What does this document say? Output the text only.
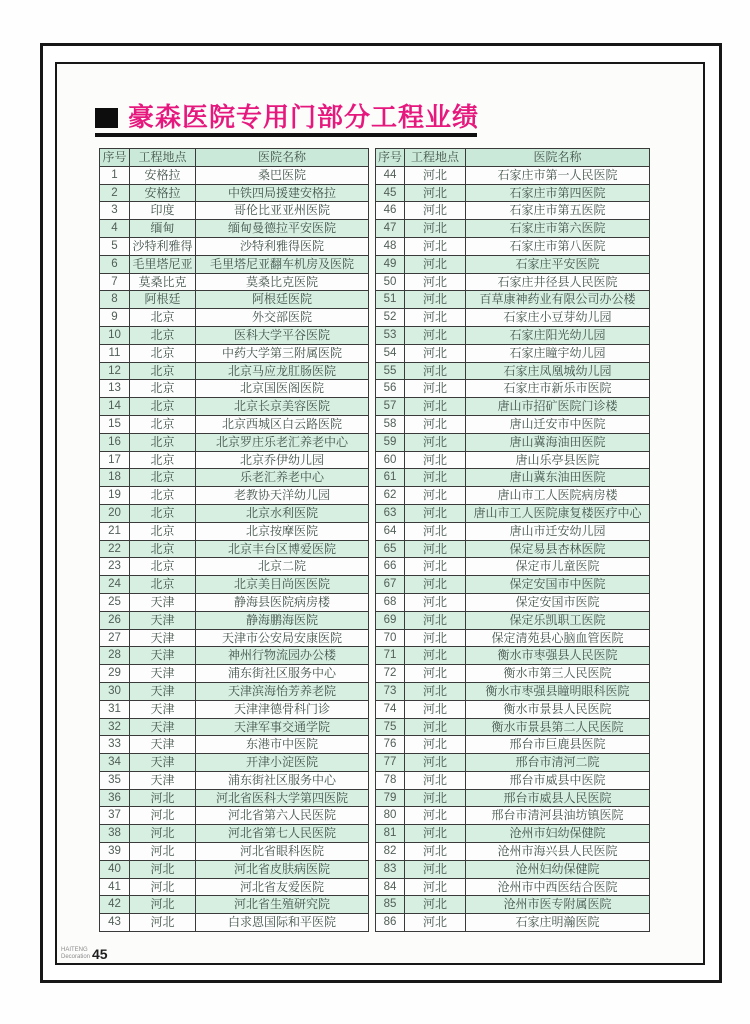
豪森医院专用门部分工程业绩
序号	工程地点	医院名称
1	安格拉	桑巴医院
2	安格拉	中铁四局援建安格拉
3	印度	哥伦比亚亚州医院
4	缅甸	缅甸曼德拉平安医院
5	沙特利雅得	沙特利雅得医院
6	毛里塔尼亚	毛里塔尼亚翻车机房及医院
7	莫桑比克	莫桑比克医院
8	阿根廷	阿根廷医院
9	北京	外交部医院
10	北京	医科大学平谷医院
11	北京	中药大学第三附属医院
12	北京	北京马应龙肛肠医院
13	北京	北京国医阁医院
14	北京	北京长京美容医院
15	北京	北京西城区白云路医院
16	北京	北京罗庄乐老汇养老中心
17	北京	北京乔伊幼儿园
18	北京	乐老汇养老中心
19	北京	老教协天洋幼儿园
20	北京	北京水利医院
21	北京	北京按摩医院
22	北京	北京丰台区博爱医院
23	北京	北京二院
24	北京	北京美目尚医医院
25	天津	静海县医院病房楼
26	天津	静海鹏海医院
27	天津	天津市公安局安康医院
28	天津	神州行物流园办公楼
29	天津	浦东街社区服务中心
30	天津	天津滨海怡芳养老院
31	天津	天津津德骨科门诊
32	天津	天津军事交通学院
33	天津	东港市中医院
34	天津	开津小淀医院
35	天津	浦东街社区服务中心
36	河北	河北省医科大学第四医院
37	河北	河北省第六人民医院
38	河北	河北省第七人民医院
39	河北	河北省眼科医院
40	河北	河北省皮肤病医院
41	河北	河北省友爱医院
42	河北	河北省生殖研究院
43	河北	白求恩国际和平医院
序号	工程地点	医院名称
44	河北	石家庄市第一人民医院
45	河北	石家庄市第四医院
46	河北	石家庄市第五医院
47	河北	石家庄市第六医院
48	河北	石家庄市第八医院
49	河北	石家庄平安医院
50	河北	石家庄井径县人民医院
51	河北	百草康神药业有限公司办公楼
52	河北	石家庄小豆芽幼儿园
53	河北	石家庄阳光幼儿园
54	河北	石家庄瞳宇幼儿园
55	河北	石家庄凤凰城幼儿园
56	河北	石家庄市新乐市医院
57	河北	唐山市招矿医院门诊楼
58	河北	唐山迁安市中医院
59	河北	唐山冀海油田医院
60	河北	唐山乐亭县医院
61	河北	唐山冀东油田医院
62	河北	唐山市工人医院病房楼
63	河北	唐山市工人医院康复楼医疗中心
64	河北	唐山市迁安幼儿园
65	河北	保定易县杏林医院
66	河北	保定市儿童医院
67	河北	保定安国市中医院
68	河北	保定安国市医院
69	河北	保定乐凯职工医院
70	河北	保定清苑县心脑血管医院
71	河北	衡水市枣强县人民医院
72	河北	衡水市第三人民医院
73	河北	衡水市枣强县瞳明眼科医院
74	河北	衡水市景县人民医院
75	河北	衡水市景县第二人民医院
76	河北	邢台市巨鹿县医院
77	河北	邢台市清河二院
78	河北	邢台市威县中医院
79	河北	邢台市威县人民医院
80	河北	邢台市清河县油坊镇医院
81	河北	沧州市妇幼保健院
82	河北	沧州市海兴县人民医院
83	河北	沧州妇幼保健院
84	河北	沧州市中西医结合医院
85	河北	沧州市医专附属医院
86	河北	石家庄明瀚医院
HAITENG
Decoration 45
